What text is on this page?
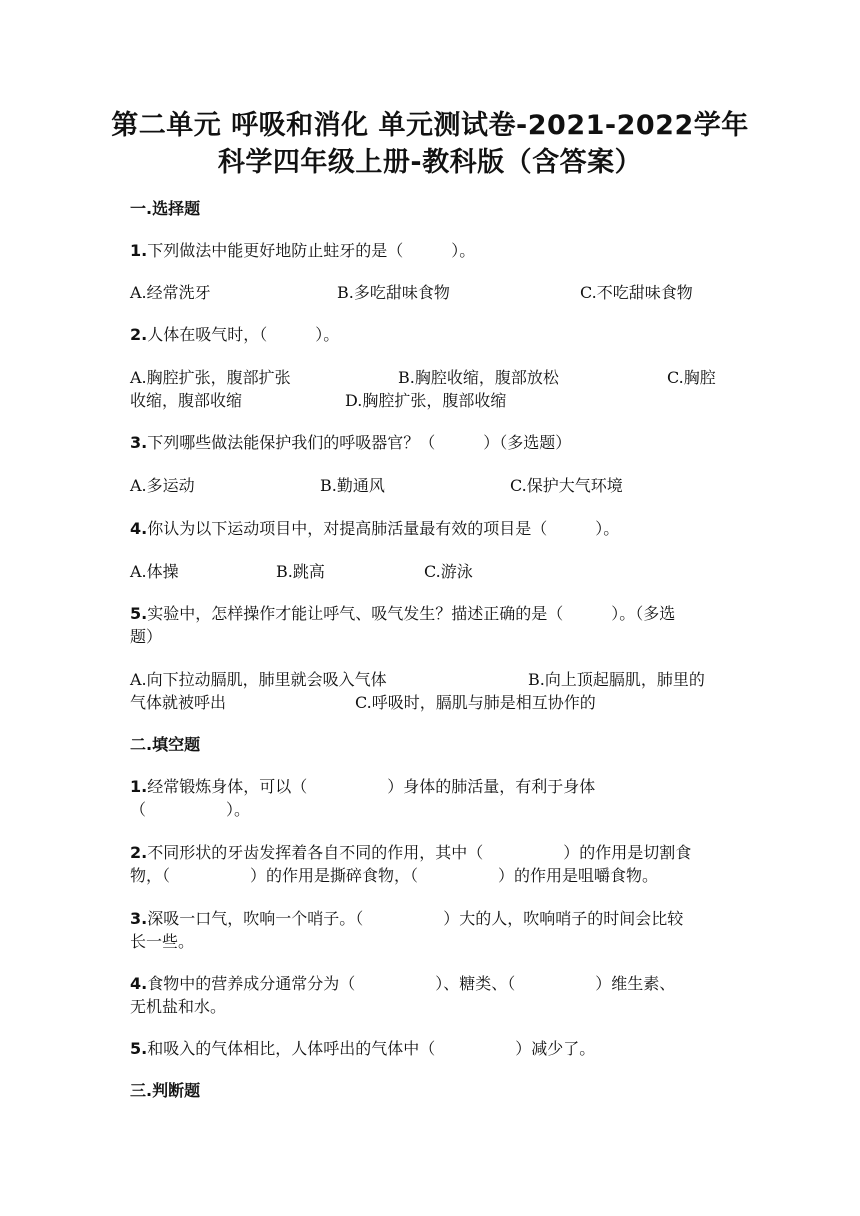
第二单元 呼吸和消化 单元测试卷-2021-2022学年
科学四年级上册-教科版（含答案）
一.选择题
1.下列做法中能更好地防止蛀牙的是（　　　）。
A.经常洗牙	B.多吃甜味食物	C.不吃甜味食物
2.人体在吸气时，（　　　）。
A.胸腔扩张，腹部扩张	B.胸腔收缩，腹部放松	C.胸腔
收缩，腹部收缩	D.胸腔扩张，腹部收缩
3.下列哪些做法能保护我们的呼吸器官？（　　　）（多选题）
A.多运动	B.勤通风	C.保护大气环境
4.你认为以下运动项目中，对提高肺活量最有效的项目是（　　　）。
A.体操	B.跳高	C.游泳
5.实验中，怎样操作才能让呼气、吸气发生？描述正确的是（　　　）。（多选
题）
A.向下拉动膈肌，肺里就会吸入气体	B.向上顶起膈肌，肺里的
气体就被呼出	C.呼吸时，膈肌与肺是相互协作的
二.填空题
1.经常锻炼身体，可以（　　　　　）身体的肺活量，有利于身体
（　　　　　）。
2.不同形状的牙齿发挥着各自不同的作用，其中（　　　　　）的作用是切割食
物，（　　　　　）的作用是撕碎食物，（　　　　　）的作用是咀嚼食物。
3.深吸一口气，吹响一个哨子。（　　　　　）大的人，吹响哨子的时间会比较
长一些。
4.食物中的营养成分通常分为（　　　　　）、糖类、（　　　　　）维生素、
无机盐和水。
5.和吸入的气体相比，人体呼出的气体中（　　　　　）减少了。
三.判断题
